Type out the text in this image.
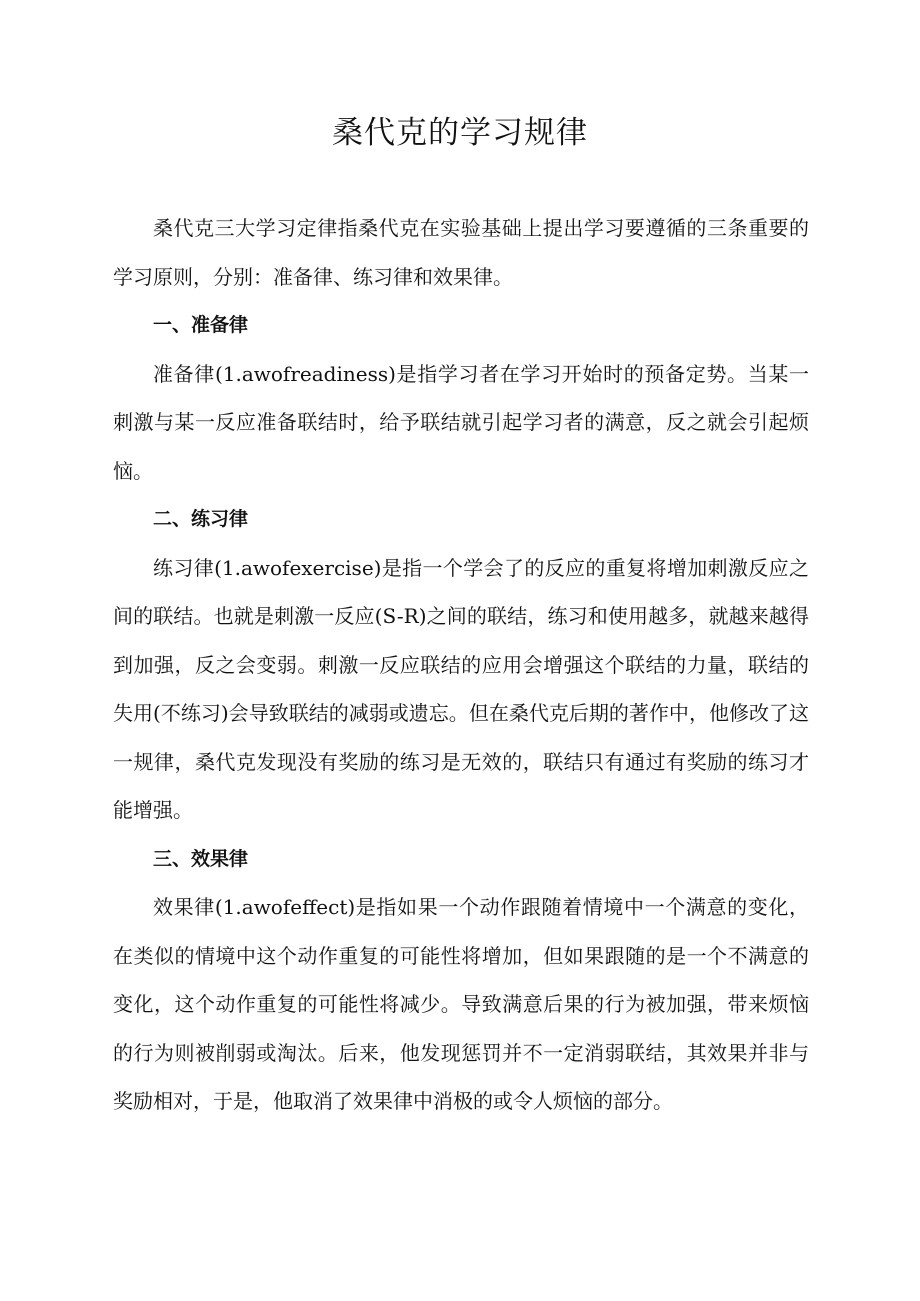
桑代克的学习规律

桑代克三大学习定律指桑代克在实验基础上提出学习要遵循的三条重要的学习原则，分别：准备律、练习律和效果律。

一、准备律

准备律(1.awofreadiness)是指学习者在学习开始时的预备定势。当某一刺激与某一反应准备联结时，给予联结就引起学习者的满意，反之就会引起烦恼。

二、练习律

练习律(1.awofexercise)是指一个学会了的反应的重复将增加刺激反应之间的联结。也就是刺激一反应(S-R)之间的联结，练习和使用越多，就越来越得到加强，反之会变弱。刺激一反应联结的应用会增强这个联结的力量，联结的失用(不练习)会导致联结的减弱或遗忘。但在桑代克后期的著作中，他修改了这一规律，桑代克发现没有奖励的练习是无效的，联结只有通过有奖励的练习才能增强。

三、效果律

效果律(1.awofeffect)是指如果一个动作跟随着情境中一个满意的变化，在类似的情境中这个动作重复的可能性将增加，但如果跟随的是一个不满意的变化，这个动作重复的可能性将减少。导致满意后果的行为被加强，带来烦恼的行为则被削弱或淘汰。后来，他发现惩罚并不一定消弱联结，其效果并非与奖励相对，于是，他取消了效果律中消极的或令人烦恼的部分。
